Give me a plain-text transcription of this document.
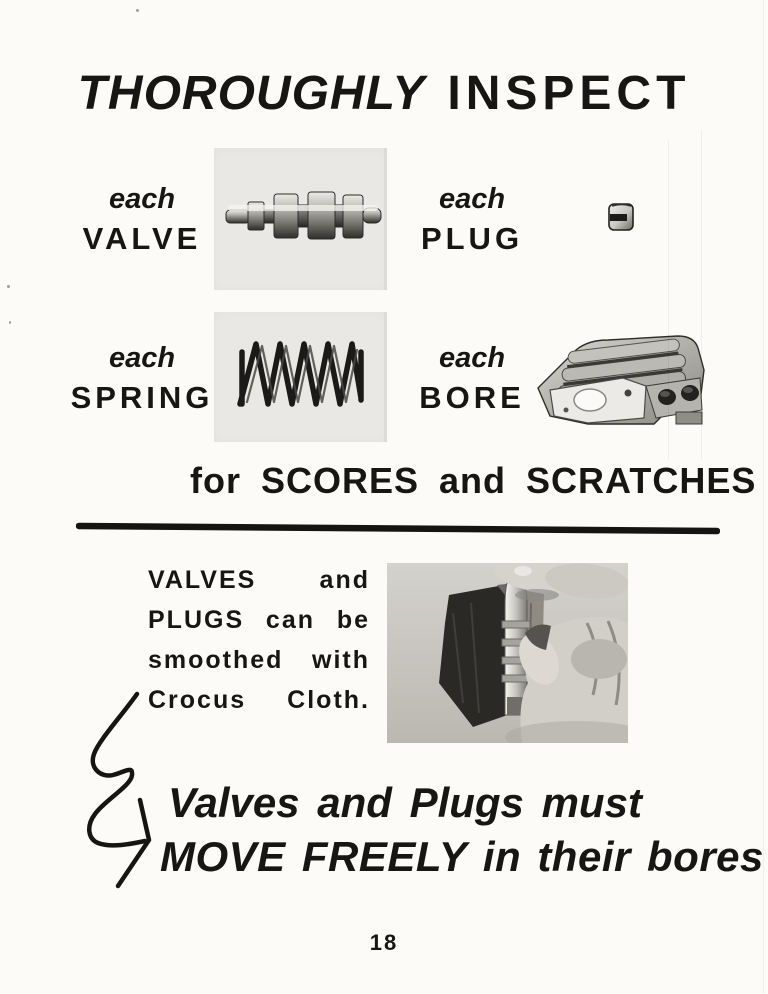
THOROUGHLY INSPECT
each
VALVE
each
PLUG
each
SPRING
each
BORE
for SCORES and SCRATCHES
VALVES	and
PLUGS can be
smoothed with
Crocus Cloth.
Valves and Plugs must
MOVE FREELY in their bores
18
